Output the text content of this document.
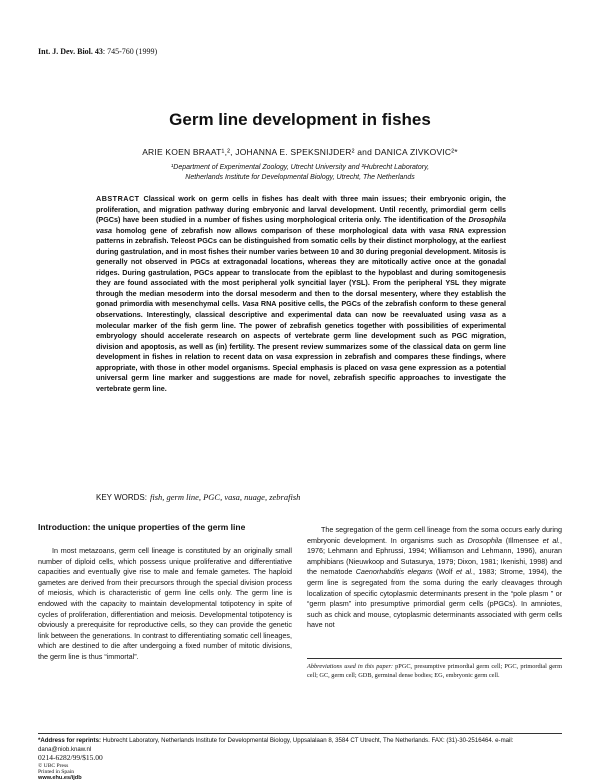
Int. J. Dev. Biol. 43: 745-760 (1999)
Germ line development in fishes
ARIE KOEN BRAAT¹,², JOHANNA E. SPEKSNIJDER² and DANICA ZIVKOVIC²*
¹Department of Experimental Zoology, Utrecht University and ²Hubrecht Laboratory,
Netherlands Institute for Developmental Biology, Utrecht, The Netherlands

ABSTRACT Classical work on germ cells in fishes has dealt with three main issues; their embryonic origin, the proliferation, and migration pathway during embryonic and larval development. Until recently, primordial germ cells (PGCs) have been studied in a number of fishes using morphological criteria only. The identification of the Drosophila vasa homolog gene of zebrafish now allows comparison of these morphological data with vasa RNA expression patterns in zebrafish. Teleost PGCs can be distinguished from somatic cells by their distinct morphology, at the earliest during gastrulation, and in most fishes their number varies between 10 and 30 during pregonial development. Mitosis is generally not observed in PGCs at extragonadal locations, whereas they are mitotically active once at the gonadal ridges. During gastrulation, PGCs appear to translocate from the epiblast to the hypoblast and during somitogenesis they are found associated with the most peripheral yolk syncitial layer (YSL). From the peripheral YSL they migrate through the median mesoderm into the dorsal mesoderm and then to the dorsal mesentery, where they establish the gonad primordia with mesenchymal cells. Vasa RNA positive cells, the PGCs of the zebrafish conform to these general observations. Interestingly, classical descriptive and experimental data can now be reevaluated using vasa as a molecular marker of the fish germ line. The power of zebrafish genetics together with possibilities of experimental embryology should accelerate research on aspects of vertebrate germ line development such as PGC migration, division and apoptosis, as well as (in) fertility. The present review summarizes some of the classical data on germ line development in fishes in relation to recent data on vasa expression in zebrafish and compares these findings, where appropriate, with those in other model organisms. Special emphasis is placed on vasa gene expression as a potential universal germ line marker and suggestions are made for novel, zebrafish specific approaches to investigate the vertebrate germ line.

KEY WORDS: fish, germ line, PGC, vasa, nuage, zebrafish
Introduction: the unique properties of the germ line

In most metazoans, germ cell lineage is constituted by an originally small number of diploid cells, which possess unique proliferative and differentiative capacities and eventually give rise to male and female gametes. The haploid gametes are derived from their precursors through the special division process of meiosis, which is characteristic of germ line cells only. The germ line is endowed with the capacity to maintain developmental totipotency in spite of cycles of proliferation, differentiation and meiosis. Developmental totipotency is obviously a prerequisite for reproductive cells, so they can provide the genetic link between the generations. In contrast to differentiating somatic cell lineages, which are destined to die after undergoing a fixed number of mitotic divisions, the germ line is thus “immortal”.

The segregation of the germ cell lineage from the soma occurs early during embryonic development. In organisms such as Drosophila (Illmensee et al., 1976; Lehmann and Ephrussi, 1994; Williamson and Lehmann, 1996), anuran amphibians (Nieuwkoop and Sutasurya, 1979; Dixon, 1981; Ikenishi, 1998) and the nematode Caenorhabditis elegans (Wolf et al., 1983; Strome, 1994), the germ line is segregated from the soma during the early cleavages through localization of specific cytoplasmic determinants present in the “pole plasm ” or “germ plasm” into presumptive primordial germ cells (pPGCs). In amniotes, such as chick and mouse, cytoplasmic determinants associated with germ cells have not

Abbreviations used in this paper: pPGC, presumptive primordial germ cell; PGC, primordial germ cell; GC, germ cell; GDB, germinal dense bodies; EG, embryonic germ cell.

*Address for reprints: Hubrecht Laboratory, Netherlands Institute for Developmental Biology, Uppsalalaan 8, 3584 CT Utrecht, The Netherlands. FAX: (31)-30-2516464. e-mail: dana@niob.knaw.nl

0214-6282/99/$15.00
© UBC Press
Printed in Spain
www.ehu.es/ijdb
